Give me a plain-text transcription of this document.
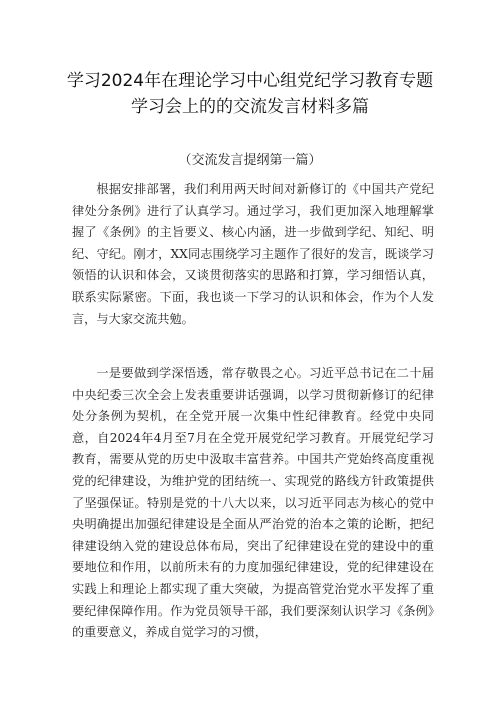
学习2024年在理论学习中心组党纪学习教育专题
学习会上的的交流发言材料多篇
（交流发言提纲第一篇）

根据安排部署，我们利用两天时间对新修订的《中国共产党纪律处分条例》进行了认真学习。通过学习，我们更加深入地理解掌握了《条例》的主旨要义、核心内涵，进一步做到学纪、知纪、明纪、守纪。刚才，XX同志围绕学习主题作了很好的发言，既谈学习领悟的认识和体会，又谈贯彻落实的思路和打算，学习细悟认真，联系实际紧密。下面，我也谈一下学习的认识和体会，作为个人发言，与大家交流共勉。

一是要做到学深悟透，常存敬畏之心。习近平总书记在二十届中央纪委三次全会上发表重要讲话强调，以学习贯彻新修订的纪律处分条例为契机，在全党开展一次集中性纪律教育。经党中央同意，自2024年4月至7月在全党开展党纪学习教育。开展党纪学习教育，需要从党的历史中汲取丰富营养。中国共产党始终高度重视党的纪律建设，为维护党的团结统一、实现党的路线方针政策提供了坚强保证。特别是党的十八大以来，以习近平同志为核心的党中央明确提出加强纪律建设是全面从严治党的治本之策的论断，把纪律建设纳入党的建设总体布局，突出了纪律建设在党的建设中的重要地位和作用，以前所未有的力度加强纪律建设，党的纪律建设在实践上和理论上都实现了重大突破，为提高管党治党水平发挥了重要纪律保障作用。作为党员领导干部，我们要深刻认识学习《条例》的重要意义，养成自觉学习的习惯，
